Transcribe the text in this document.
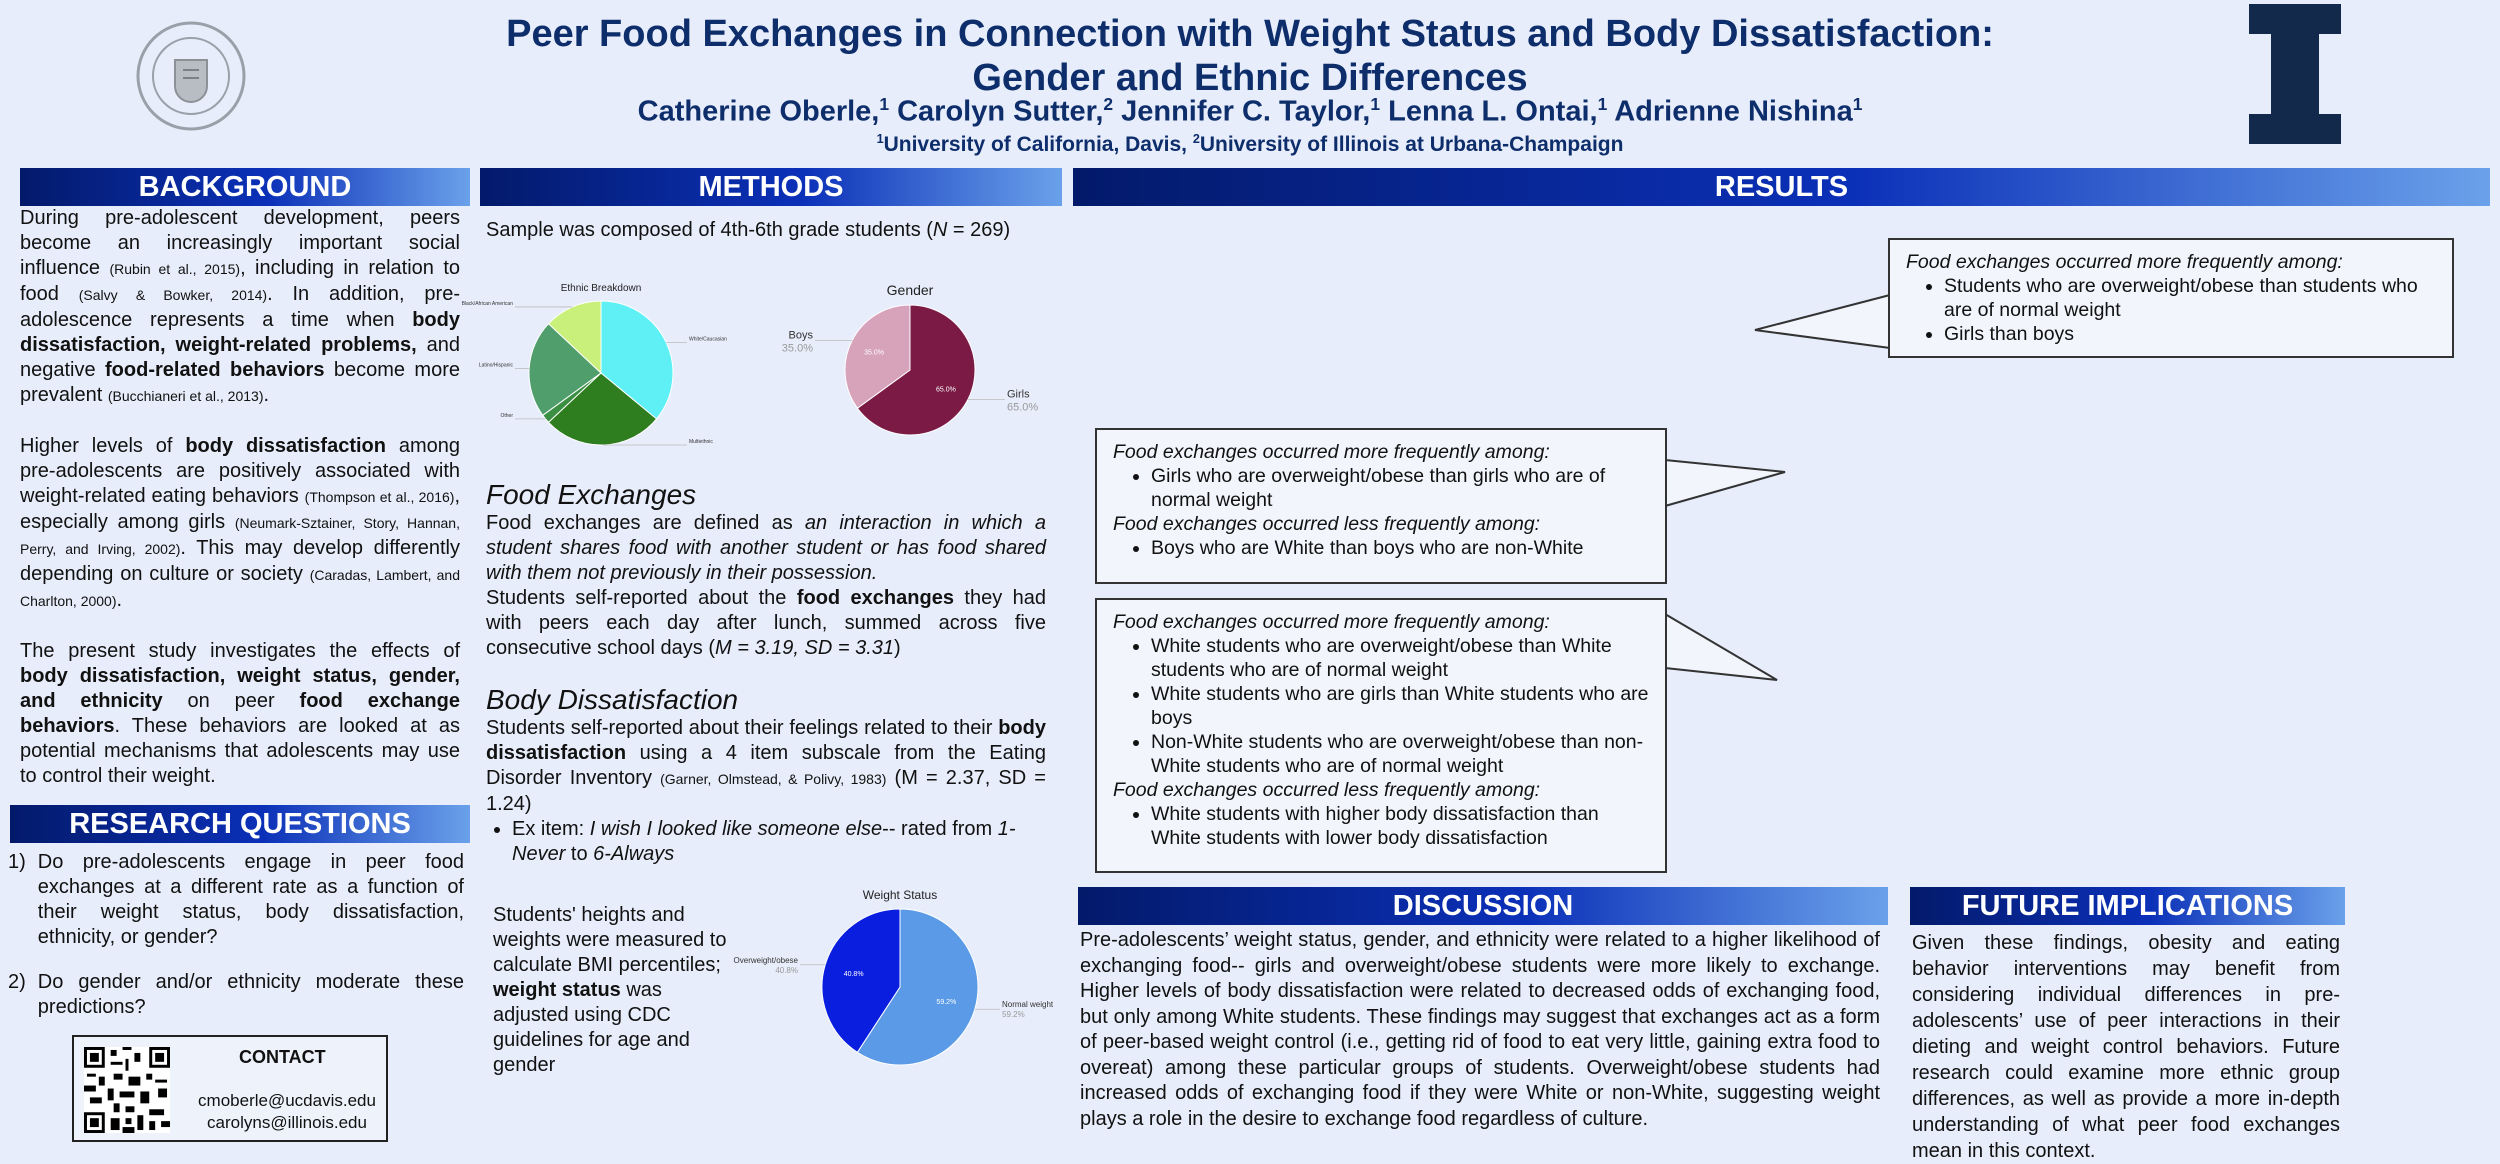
Peer Food Exchanges in Connection with Weight Status and Body Dissatisfaction:
Gender and Ethnic Differences
Catherine Oberle,$^1$ Carolyn Sutter,$^2$ Jennifer C. Taylor,$^1$ Lenna L. Ontai,$^1$ Adrienne Nishina$^1$
$^1$University of California, Davis, $^2$University of Illinois at Urbana-Champaign
BACKGROUND

During pre-adolescent development, peers become an increasingly important social influence (Rubin et al., 2015), including in relation to food (Salvy & Bowker, 2014). In addition, pre-adolescence represents a time when body dissatisfaction, weight-related problems, and negative food-related behaviors become more prevalent (Bucchianeri et al., 2013).

Higher levels of body dissatisfaction among pre-adolescents are positively associated with weight-related eating behaviors (Thompson et al., 2016), especially among girls (Neumark-Sztainer, Story, Hannan, Perry, and Irving, 2002). This may develop differently depending on culture or society (Caradas, Lambert, and Charlton, 2000).

The present study investigates the effects of body dissatisfaction, weight status, gender, and ethnicity on peer food exchange behaviors. These behaviors are looked at as potential mechanisms that adolescents may use to control their weight.

RESEARCH QUESTIONS
1) Do pre-adolescents engage in peer food exchanges at a different rate as a function of their weight status, body dissatisfaction, ethnicity, or gender?
2) Do gender and/or ethnicity moderate these predictions?
CONTACT
cmoberle@ucdavis.edu
carolyns@illinois.edu
METHODS
Sample was composed of 4th-6th grade students (N = 269)
Ethnic Breakdown
White/Caucasian
Multiethnic
Other
Latino/Hispanic
Black/African American
Gender
65.0%	Girls
65.0%
35.0%
Boys
35.0%
Food Exchanges

Food exchanges are defined as an interaction in which a student shares food with another student or has food shared with them not previously in their possession.

Students self-reported about the food exchanges they had with peers each day after lunch, summed across five consecutive school days (M = 3.19, SD = 3.31)

Body Dissatisfaction

Students self-reported about their feelings related to their body dissatisfaction using a 4 item subscale from the Eating Disorder Inventory (Garner, Olmstead, & Polivy, 1983) (M = 2.37, SD = 1.24)

• Ex item: I wish I looked like someone else-- rated from 1-Never to 6-Always
Students' heights and weights were measured to calculate BMI percentiles; weight status was adjusted using CDC guidelines for age and gender
Weight Status
59.2%	Normal weight
59.2%
40.8%
Overweight/obese
40.8%
RESULTS
Food exchanges occurred more frequently among:
• Students who are overweight/obese than students who are of normal weight
• Girls than boys
Food exchanges occurred more frequently among:
• Girls who are overweight/obese than girls who are of normal weight
Food exchanges occurred less frequently among:
• Boys who are White than boys who are non-White
Food exchanges occurred more frequently among:
• White students who are overweight/obese than White students who are of normal weight
• White students who are girls than White students who are boys
• Non-White students who are overweight/obese than non-White students who are of normal weight
Food exchanges occurred less frequently among:
• White students with higher body dissatisfaction than White students with lower body dissatisfaction
DISCUSSION

Pre-adolescents’ weight status, gender, and ethnicity were related to a higher likelihood of exchanging food-- girls and overweight/obese students were more likely to exchange. Higher levels of body dissatisfaction were related to decreased odds of exchanging food, but only among White students. These findings may suggest that exchanges act as a form of peer-based weight control (i.e., getting rid of food to eat very little, gaining extra food to overeat) among these particular groups of students. Overweight/obese students had increased odds of exchanging food if they were White or non-White, suggesting weight plays a role in the desire to exchange food regardless of culture.

FUTURE IMPLICATIONS

Given these findings, obesity and eating behavior interventions may benefit from considering individual differences in pre-adolescents’ use of peer interactions in their dieting and weight control behaviors. Future research could examine more ethnic group differences, as well as provide a more in-depth understanding of what peer food exchanges mean in this context.
